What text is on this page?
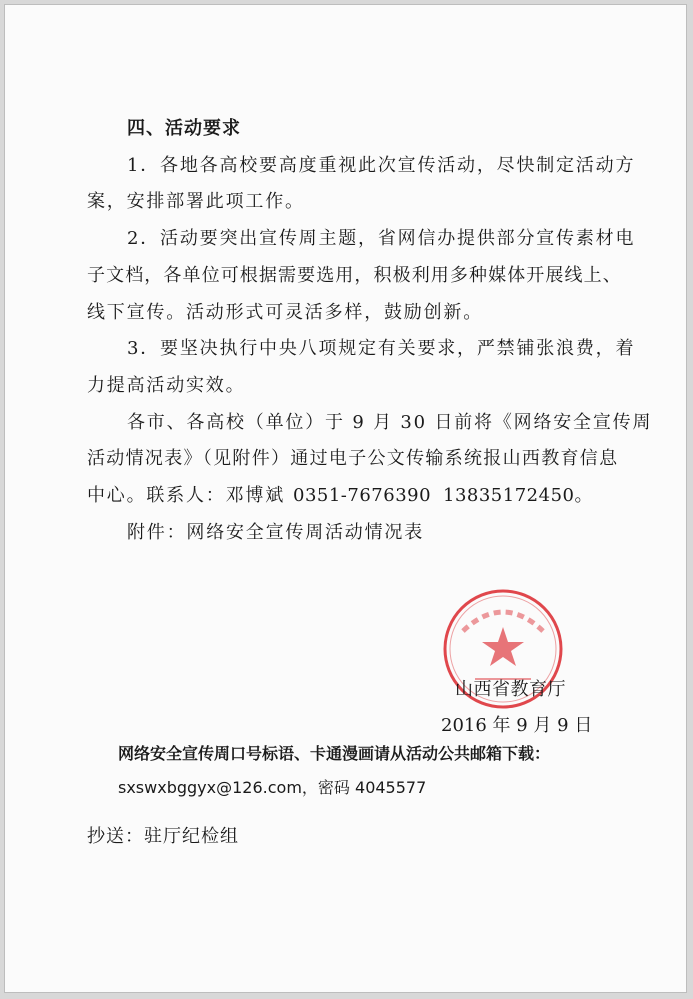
四、活动要求
1．各地各高校要高度重视此次宣传活动，尽快制定活动方
案，安排部署此项工作。
2．活动要突出宣传周主题，省网信办提供部分宣传素材电
子文档，各单位可根据需要选用，积极利用多种媒体开展线上、
线下宣传。活动形式可灵活多样，鼓励创新。
3．要坚决执行中央八项规定有关要求，严禁铺张浪费，着
力提高活动实效。
各市、各高校（单位）于 9 月 30 日前将《网络安全宣传周
活动情况表》（见附件）通过电子公文传输系统报山西教育信息
中心。联系人：邓博斌 0351-7676390 13835172450。
附件：网络安全宣传周活动情况表
山西省教育厅
2016 年 9 月 9 日
网络安全宣传周口号标语、卡通漫画请从活动公共邮箱下载：
sxswxbggyx@126.com，密码 4045577
抄送：驻厅纪检组
